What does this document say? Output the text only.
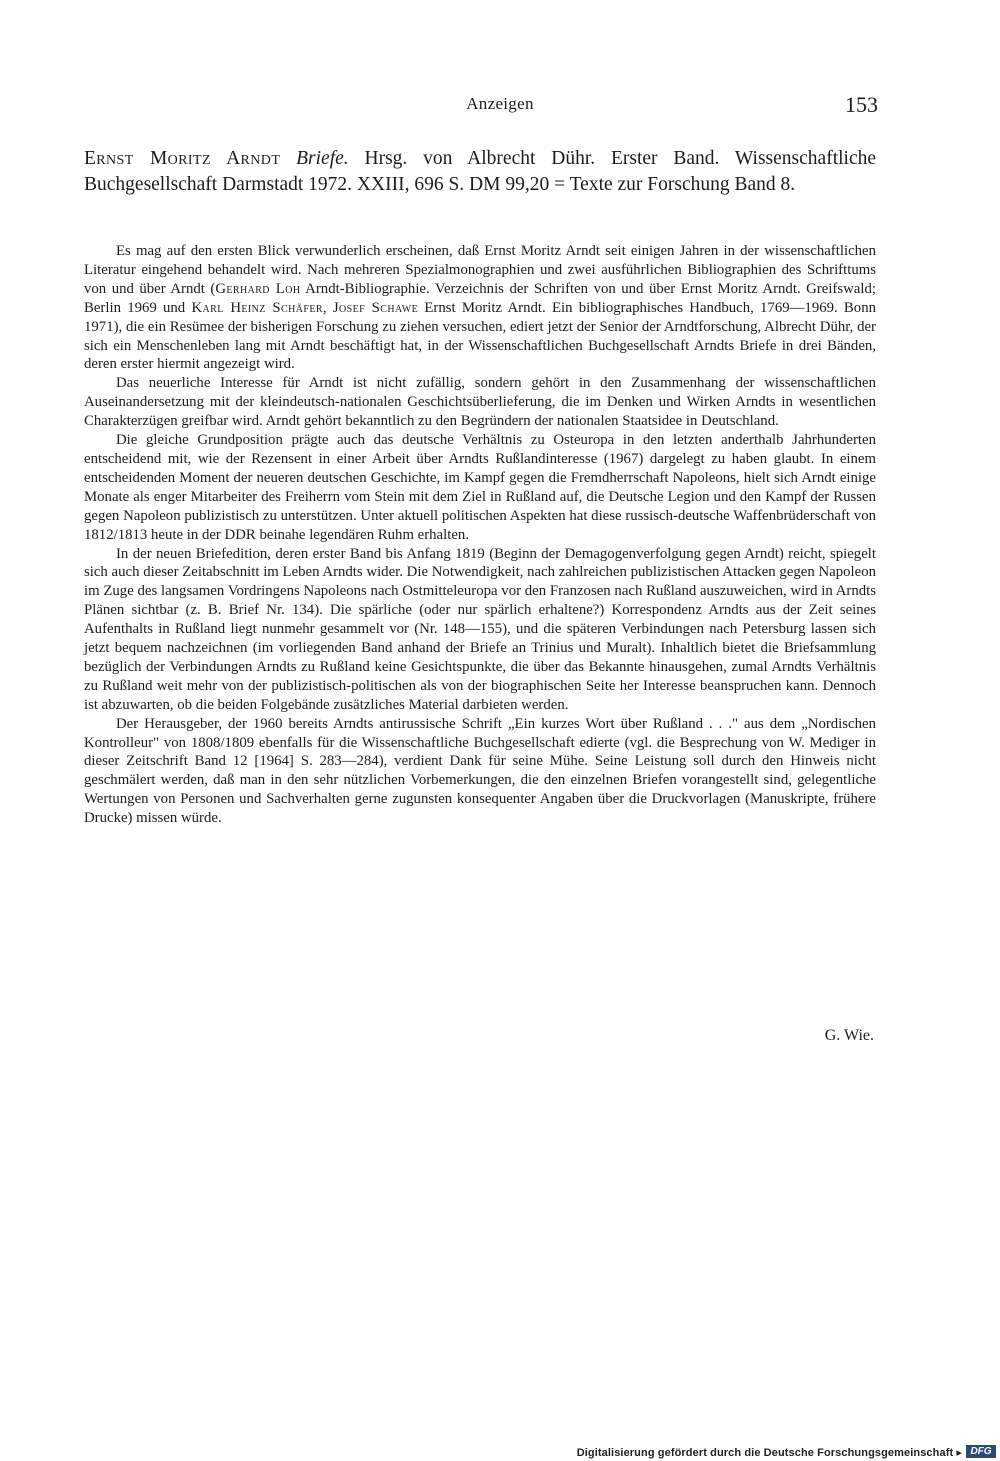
Anzeigen	153
Ernst Moritz Arndt Briefe. Hrsg. von Albrecht Dühr. Erster Band. Wissenschaftliche Buchgesellschaft Darmstadt 1972. XXIII, 696 S. DM 99,20 = Texte zur Forschung Band 8.

Es mag auf den ersten Blick verwunderlich erscheinen, daß Ernst Moritz Arndt seit einigen Jahren in der wissenschaftlichen Literatur eingehend behandelt wird. Nach mehreren Spezialmonographien und zwei ausführlichen Bibliographien des Schrifttums von und über Arndt (Gerhard Loh Arndt-Bibliographie. Verzeichnis der Schriften von und über Ernst Moritz Arndt. Greifswald; Berlin 1969 und Karl Heinz Schäfer, Josef Schawe Ernst Moritz Arndt. Ein bibliographisches Handbuch, 1769—1969. Bonn 1971), die ein Resümee der bisherigen Forschung zu ziehen versuchen, ediert jetzt der Senior der Arndtforschung, Albrecht Dühr, der sich ein Menschenleben lang mit Arndt beschäftigt hat, in der Wissenschaftlichen Buchgesellschaft Arndts Briefe in drei Bänden, deren erster hiermit angezeigt wird.

Das neuerliche Interesse für Arndt ist nicht zufällig, sondern gehört in den Zusammenhang der wissenschaftlichen Auseinandersetzung mit der kleindeutsch-nationalen Geschichtsüberlieferung, die im Denken und Wirken Arndts in wesentlichen Charakterzügen greifbar wird. Arndt gehört bekanntlich zu den Begründern der nationalen Staatsidee in Deutschland.

Die gleiche Grundposition prägte auch das deutsche Verhältnis zu Osteuropa in den letzten anderthalb Jahrhunderten entscheidend mit, wie der Rezensent in einer Arbeit über Arndts Rußlandinteresse (1967) dargelegt zu haben glaubt. In einem entscheidenden Moment der neueren deutschen Geschichte, im Kampf gegen die Fremdherrschaft Napoleons, hielt sich Arndt einige Monate als enger Mitarbeiter des Freiherrn vom Stein mit dem Ziel in Rußland auf, die Deutsche Legion und den Kampf der Russen gegen Napoleon publizistisch zu unterstützen. Unter aktuell politischen Aspekten hat diese russisch-deutsche Waffenbrüderschaft von 1812/1813 heute in der DDR beinahe legendären Ruhm erhalten.

In der neuen Briefedition, deren erster Band bis Anfang 1819 (Beginn der Demagogenverfolgung gegen Arndt) reicht, spiegelt sich auch dieser Zeitabschnitt im Leben Arndts wider. Die Notwendigkeit, nach zahlreichen publizistischen Attacken gegen Napoleon im Zuge des langsamen Vordringens Napoleons nach Ostmitteleuropa vor den Franzosen nach Rußland auszuweichen, wird in Arndts Plänen sichtbar (z. B. Brief Nr. 134). Die spärliche (oder nur spärlich erhaltene?) Korrespondenz Arndts aus der Zeit seines Aufenthalts in Rußland liegt nunmehr gesammelt vor (Nr. 148—155), und die späteren Verbindungen nach Petersburg lassen sich jetzt bequem nachzeichnen (im vorliegenden Band anhand der Briefe an Trinius und Muralt). Inhaltlich bietet die Briefsammlung bezüglich der Verbindungen Arndts zu Rußland keine Gesichtspunkte, die über das Bekannte hinausgehen, zumal Arndts Verhältnis zu Rußland weit mehr von der publizistisch-politischen als von der biographischen Seite her Interesse beanspruchen kann. Dennoch ist abzuwarten, ob die beiden Folgebände zusätzliches Material darbieten werden.

Der Herausgeber, der 1960 bereits Arndts antirussische Schrift „Ein kurzes Wort über Rußland . . ." aus dem „Nordischen Kontrolleur" von 1808/1809 ebenfalls für die Wissenschaftliche Buchgesellschaft edierte (vgl. die Besprechung von W. Mediger in dieser Zeitschrift Band 12 [1964] S. 283—284), verdient Dank für seine Mühe. Seine Leistung soll durch den Hinweis nicht geschmälert werden, daß man in den sehr nützlichen Vorbemerkungen, die den einzelnen Briefen vorangestellt sind, gelegentliche Wertungen von Personen und Sachverhalten gerne zugunsten konsequenter Angaben über die Druckvorlagen (Manuskripte, frühere Drucke) missen würde.

G. Wie.
Digitalisierung gefördert durch die Deutsche Forschungsgemeinschaft ▸ DFG
